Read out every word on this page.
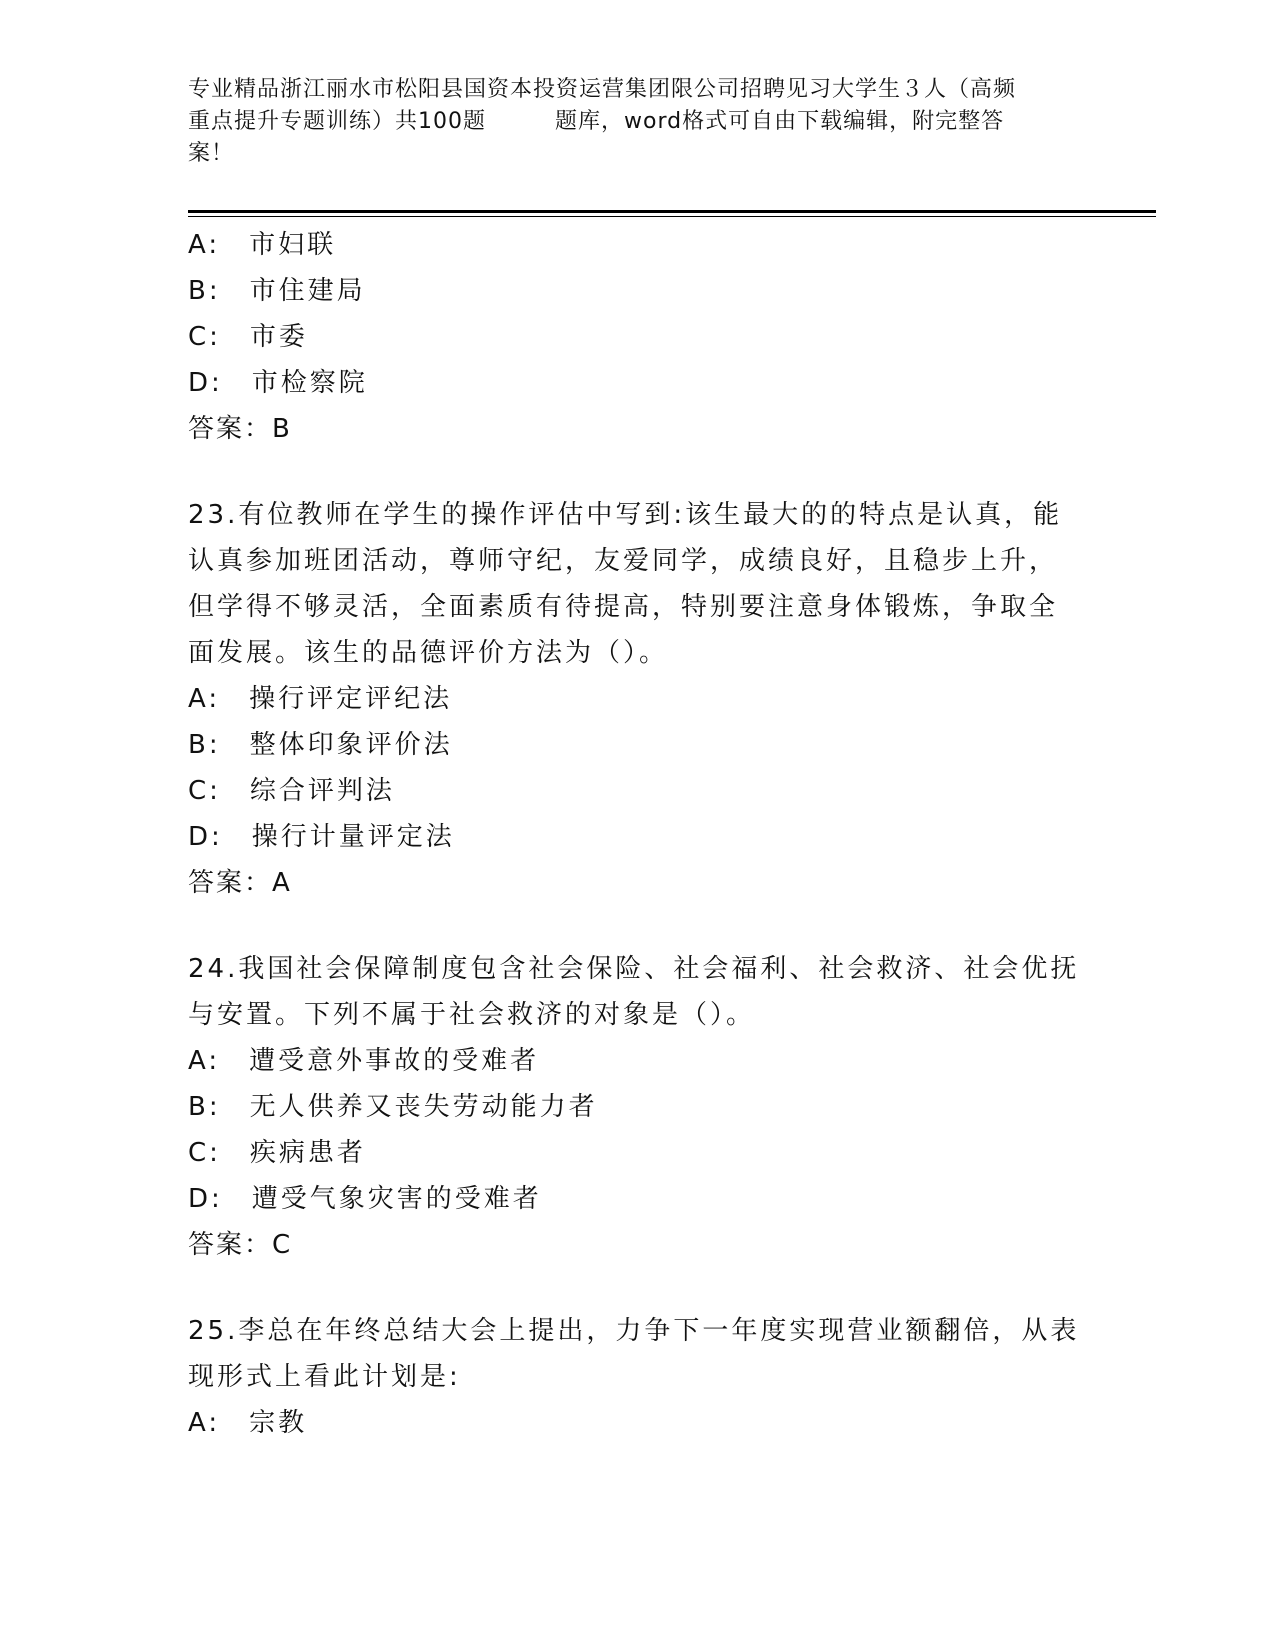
专业精品浙江丽水市松阳县国资本投资运营集团限公司招聘见习大学生３人（高频
重点提升专题训练）共100题　　　题库，word格式可自由下载编辑，附完整答
案！
A:　市妇联
B:　市住建局
C:　市委
D:　市检察院
答案：B
23.有位教师在学生的操作评估中写到:该生最大的的特点是认真，能
认真参加班团活动，尊师守纪，友爱同学，成绩良好，且稳步上升，
但学得不够灵活，全面素质有待提高，特别要注意身体锻炼，争取全
面发展。该生的品德评价方法为（）。
A:　操行评定评纪法
B:　整体印象评价法
C:　综合评判法
D:　操行计量评定法
答案：A
24.我国社会保障制度包含社会保险、社会福利、社会救济、社会优抚
与安置。下列不属于社会救济的对象是（）。
A:　遭受意外事故的受难者
B:　无人供养又丧失劳动能力者
C:　疾病患者
D:　遭受气象灾害的受难者
答案：C
25.李总在年终总结大会上提出，力争下一年度实现营业额翻倍，从表
现形式上看此计划是:
A:　宗教
